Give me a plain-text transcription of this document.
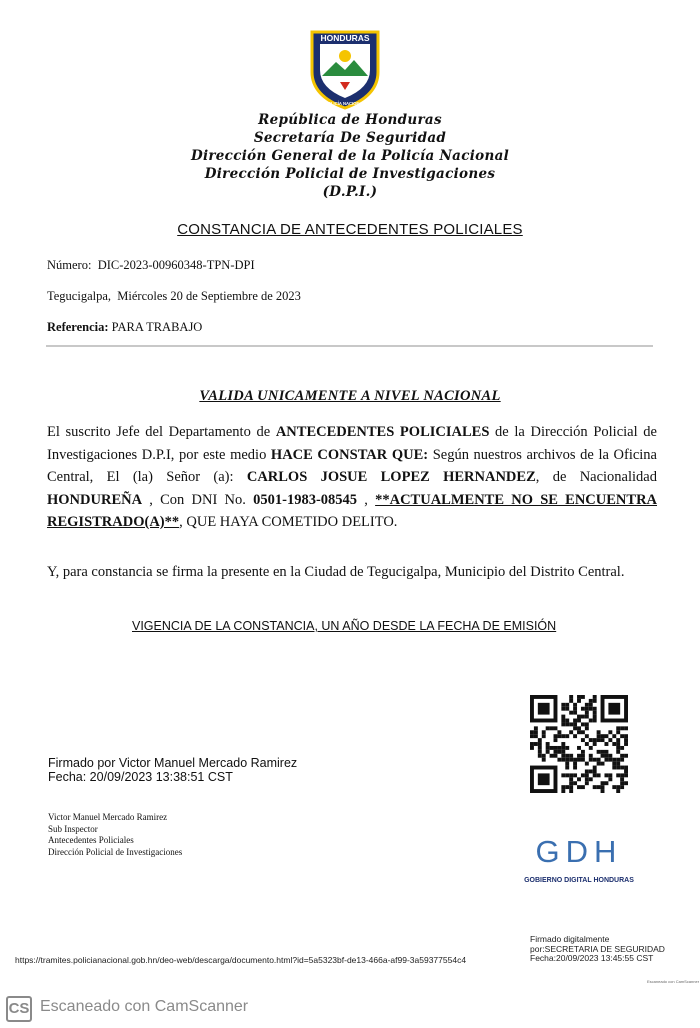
HONDURAS
POLICÍA NACIONAL
República de Honduras
Secretaría De Seguridad
Dirección General de la Policía Nacional
Dirección Policial de Investigaciones
(D.P.I.)
CONSTANCIA DE ANTECEDENTES POLICIALES
Número: DIC-2023-00960348-TPN-DPI
Tegucigalpa, Miércoles 20 de Septiembre de 2023
Referencia: PARA TRABAJO
VALIDA UNICAMENTE A NIVEL NACIONAL
El suscrito Jefe del Departamento de ANTECEDENTES POLICIALES de la Dirección Policial de Investigaciones D.P.I, por este medio HACE CONSTAR QUE: Según nuestros archivos de la Oficina Central, El (la) Señor (a): CARLOS JOSUE LOPEZ HERNANDEZ, de Nacionalidad HONDUREÑA , Con DNI No. 0501-1983-08545 , **ACTUALMENTE NO SE ENCUENTRA REGISTRADO(A)**, QUE HAYA COMETIDO DELITO.
Y, para constancia se firma la presente en la Ciudad de Tegucigalpa, Municipio del Distrito Central.
VIGENCIA DE LA CONSTANCIA, UN AÑO DESDE LA FECHA DE EMISIÓN
Firmado por Victor Manuel Mercado Ramirez
Fecha: 20/09/2023 13:38:51 CST
Victor Manuel Mercado Ramirez
Sub Inspector
Antecedentes Policiales
Dirección Policial de Investigaciones	GDH
GOBIERNO DIGITAL HONDURAS
https://tramites.policianacional.gob.hn/deo-web/descarga/documento.html?id=5a5323bf-de13-466a-af99-3a59377554c4
Firmado digitalmente
por:SECRETARIA DE SEGURIDAD
Fecha:20/09/2023 13:45:55 CST
Escaneado con CamScanner
CS Escaneado con CamScanner
